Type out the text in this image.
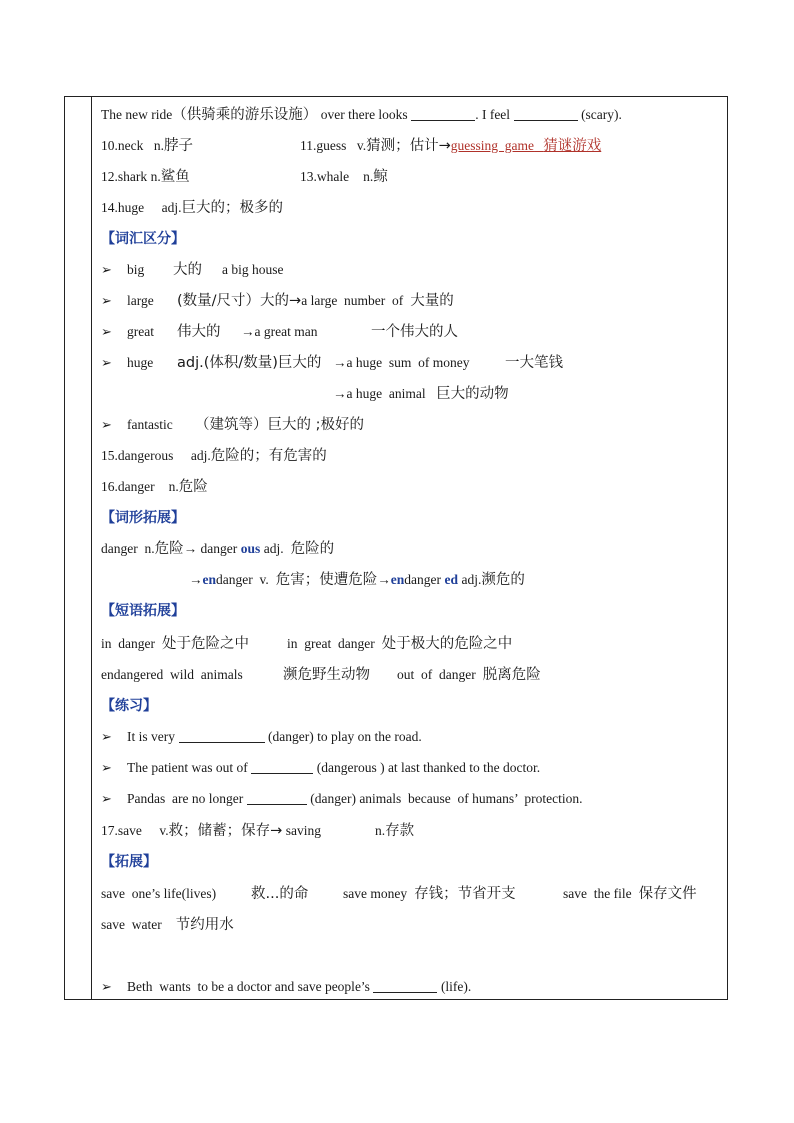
The new ride（供骑乘的游乐设施） over there looks	. I feel	(scary).
10.neck n.脖子	11.guess v.猜测；估计→guessing  game 猜谜游戏
12.shark n.鲨鱼	13.whale n.鲸
14.huge adj.巨大的；极多的
【词汇区分】
➢ big 大的 a big house
➢ large (数量/尺寸）大的→a large  number  of 大量的
➢ great 伟大的 →a great man	一个伟大的人
➢ huge adj.(体积/数量)巨大的 →a huge  sum  of money 一大笔钱
→a huge  animal 巨大的动物
➢ fantastic （建筑等）巨大的 ;极好的
15.dangerous adj.危险的；有危害的
16.danger n.危险
【词形拓展】
danger  n.危险→ danger ous adj. 危险的
→endanger  v. 危害；使遭危险→endanger ed adj.濒危的
【短语拓展】
in  danger 处于危险之中	in  great  danger 处于极大的危险之中
endangered  wild  animals	濒危野生动物 out  of  danger 脱离危险
【练习】
➢ It is very	(danger) to play on the road.
➢ The patient was out of	(dangerous ) at last thanked to the doctor.
➢ Pandas  are no longer	(danger) animals  because  of humans’  protection.
17.save v.救；储蓄；保存→ saving	n.存款
【拓展】
save  one’s life(lives) 救...的命	save money 存钱；节省开支	save  the file 保存文件
save  water 节约用水
➢ Beth  wants  to be a doctor and save people’s	(life).
